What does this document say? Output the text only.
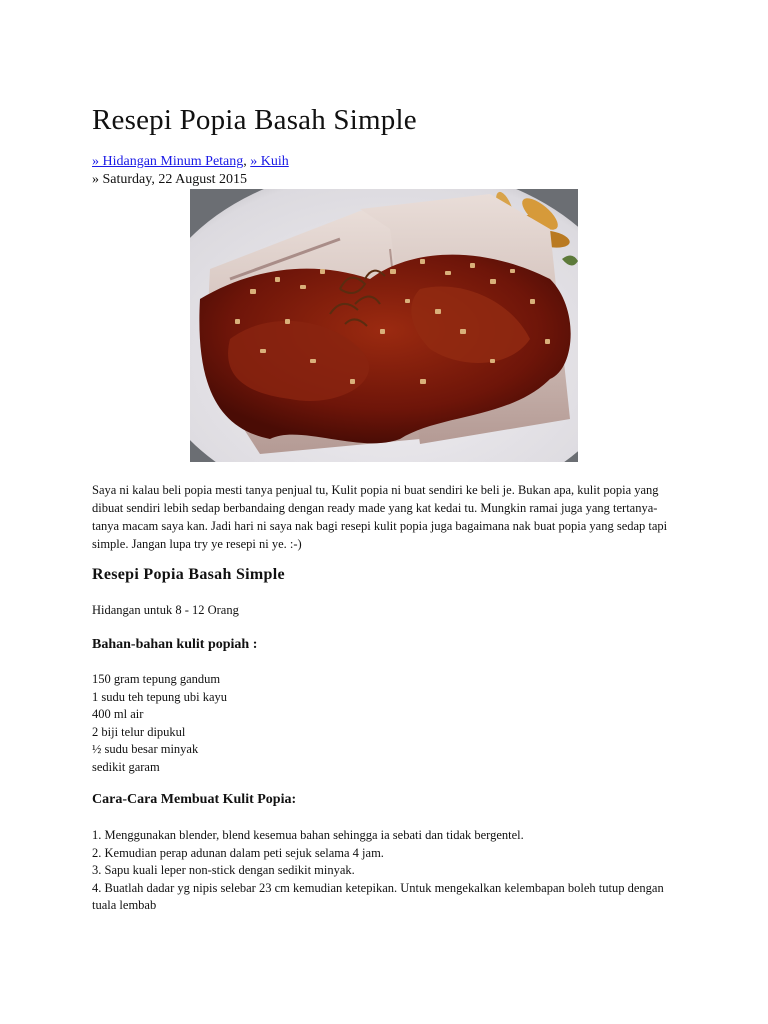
Resepi Popia Basah Simple
» Hidangan Minum Petang, » Kuih
» Saturday, 22 August 2015

Saya ni kalau beli popia mesti tanya penjual tu, Kulit popia ni buat sendiri ke beli je. Bukan apa, kulit popia yang dibuat sendiri lebih sedap berbandaing dengan ready made yang kat kedai tu. Mungkin ramai juga yang tertanya-tanya macam saya kan. Jadi hari ni saya nak bagi resepi kulit popia juga bagaimana nak buat popia yang sedap tapi simple. Jangan lupa try ye resepi ni ye. :-)

Resepi Popia Basah Simple
Hidangan untuk 8 - 12 Orang
Bahan-bahan kulit popiah :
150 gram tepung gandum
1 sudu teh tepung ubi kayu
400 ml air
2 biji telur dipukul
½ sudu besar minyak
sedikit garam
Cara-Cara Membuat Kulit Popia:
1. Menggunakan blender, blend kesemua bahan sehingga ia sebati dan tidak bergentel.
2. Kemudian perap adunan dalam peti sejuk selama 4 jam.
3. Sapu kuali leper non-stick dengan sedikit minyak.
4. Buatlah dadar yg nipis selebar 23 cm kemudian ketepikan. Untuk mengekalkan kelembapan boleh tutup dengan tuala lembab
